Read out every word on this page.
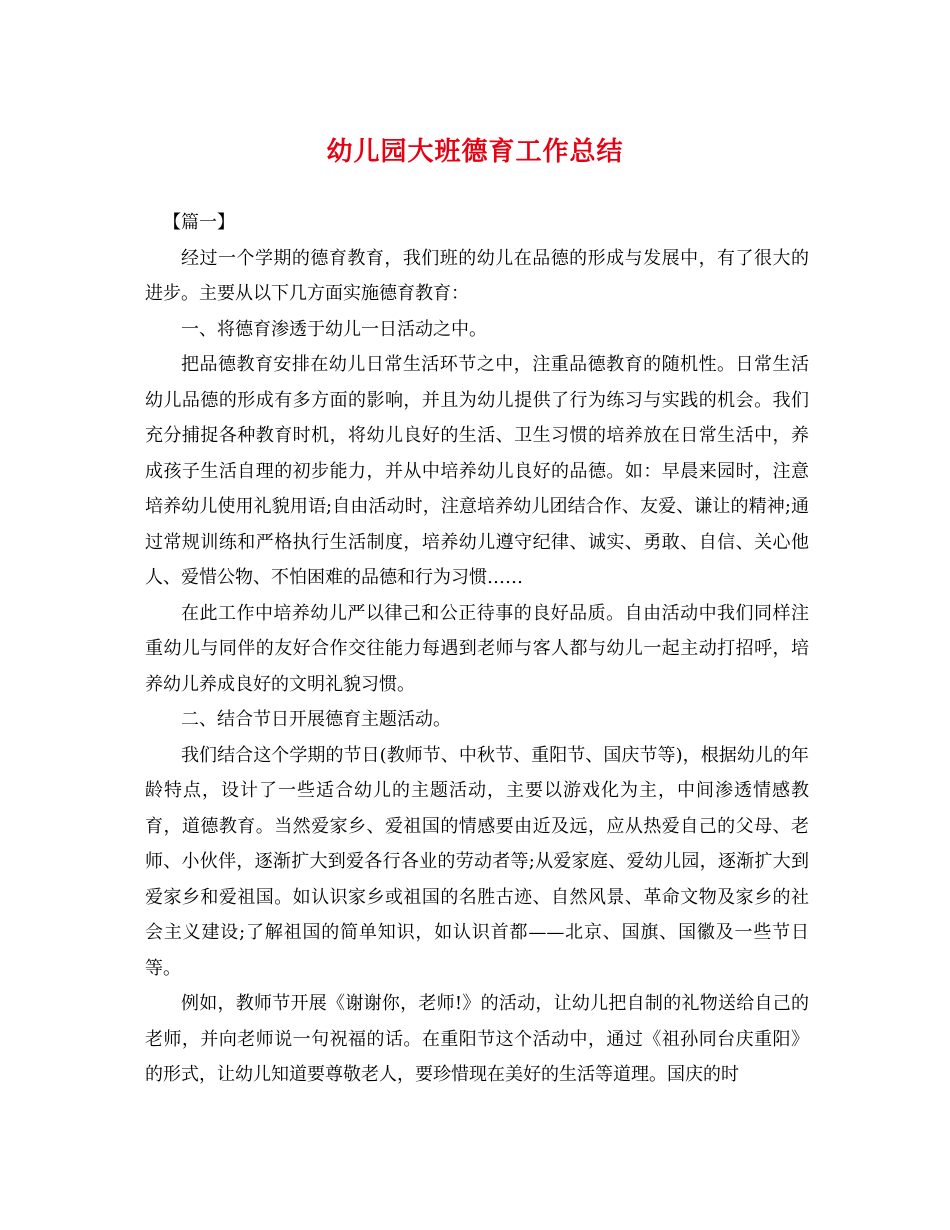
幼儿园大班德育工作总结

【篇一】

经过一个学期的德育教育，我们班的幼儿在品德的形成与发展中，有了很大的进步。主要从以下几方面实施德育教育：

一、将德育渗透于幼儿一日活动之中。

把品德教育安排在幼儿日常生活环节之中，注重品德教育的随机性。日常生活幼儿品德的形成有多方面的影响，并且为幼儿提供了行为练习与实践的机会。我们充分捕捉各种教育时机，将幼儿良好的生活、卫生习惯的培养放在日常生活中，养成孩子生活自理的初步能力，并从中培养幼儿良好的品德。如：早晨来园时，注意培养幼儿使用礼貌用语;自由活动时，注意培养幼儿团结合作、友爱、谦让的精神;通过常规训练和严格执行生活制度，培养幼儿遵守纪律、诚实、勇敢、自信、关心他人、爱惜公物、不怕困难的品德和行为习惯……

在此工作中培养幼儿严以律己和公正待事的良好品质。自由活动中我们同样注重幼儿与同伴的友好合作交往能力每遇到老师与客人都与幼儿一起主动打招呼，培养幼儿养成良好的文明礼貌习惯。

二、结合节日开展德育主题活动。

我们结合这个学期的节日(教师节、中秋节、重阳节、国庆节等)，根据幼儿的年龄特点，设计了一些适合幼儿的主题活动，主要以游戏化为主，中间渗透情感教育，道德教育。当然爱家乡、爱祖国的情感要由近及远，应从热爱自己的父母、老师、小伙伴，逐渐扩大到爱各行各业的劳动者等;从爱家庭、爱幼儿园，逐渐扩大到爱家乡和爱祖国。如认识家乡或祖国的名胜古迹、自然风景、革命文物及家乡的社会主义建设;了解祖国的简单知识，如认识首都——北京、国旗、国徽及一些节日等。

例如，教师节开展《谢谢你，老师!》的活动，让幼儿把自制的礼物送给自己的老师，并向老师说一句祝福的话。在重阳节这个活动中，通过《祖孙同台庆重阳》的形式，让幼儿知道要尊敬老人，要珍惜现在美好的生活等道理。国庆的时
